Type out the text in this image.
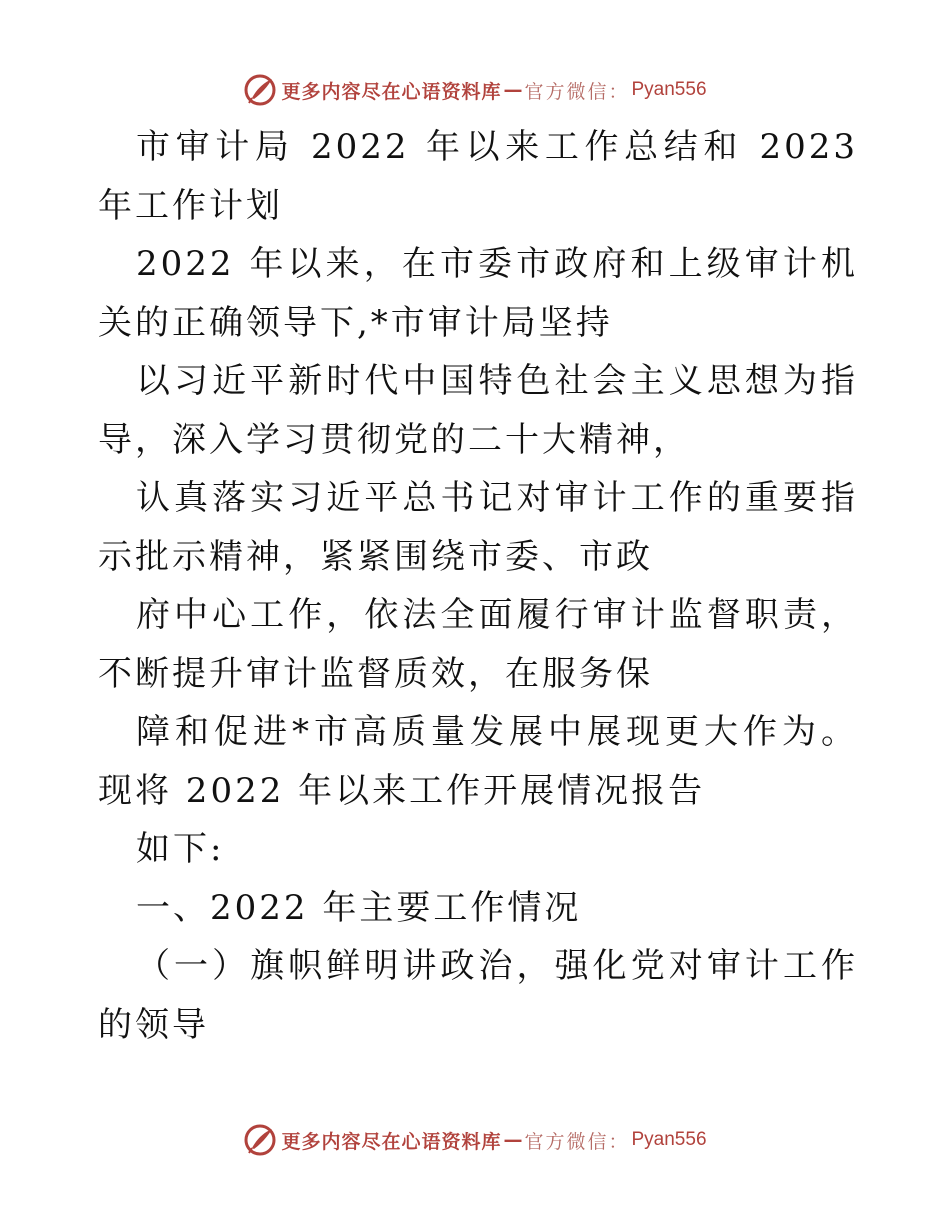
更多内容尽在心语资料库 — 官方微信： Pyan556

市审计局 2022 年以来工作总结和 2023 年工作计划

2022 年以来，在市委市政府和上级审计机关的正确领导下,*市审计局坚持

以习近平新时代中国特色社会主义思想为指导，深入学习贯彻党的二十大精神，

认真落实习近平总书记对审计工作的重要指示批示精神，紧紧围绕市委、市政

府中心工作，依法全面履行审计监督职责，不断提升审计监督质效，在服务保

障和促进*市高质量发展中展现更大作为。现将 2022 年以来工作开展情况报告

如下:

一、2022 年主要工作情况

（一）旗帜鲜明讲政治，强化党对审计工作的领导

更多内容尽在心语资料库 — 官方微信： Pyan556
